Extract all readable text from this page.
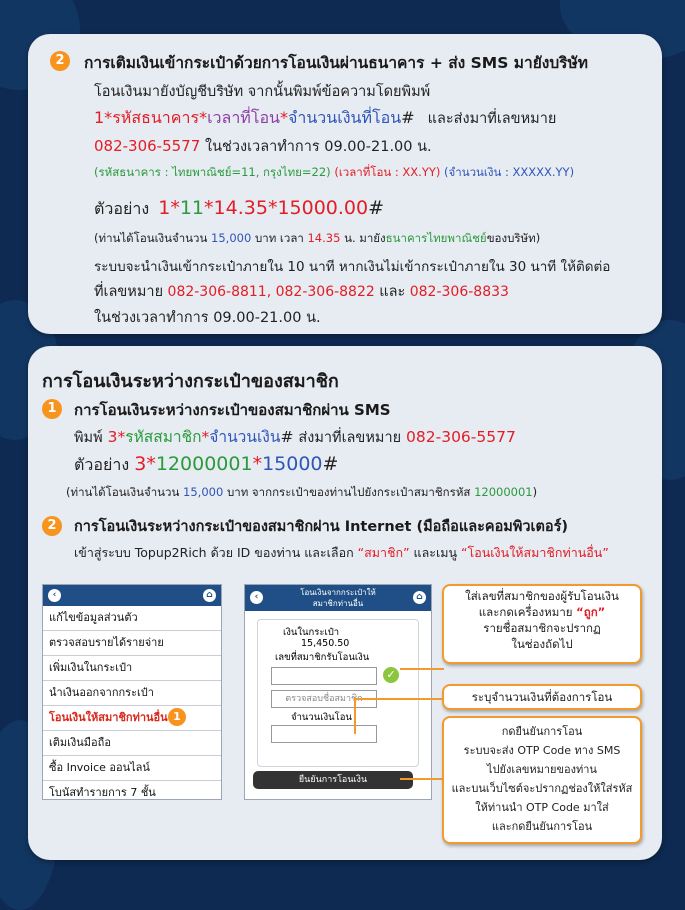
2	การเติมเงินเข้ากระเป๋าด้วยการโอนเงินผ่านธนาคาร + ส่ง SMS มายังบริษัท
โอนเงินมายังบัญชีบริษัท จากนั้นพิมพ์ข้อความโดยพิมพ์
1*รหัสธนาคาร*เวลาที่โอน*จำนวนเงินที่โอน# และส่งมาที่เลขหมาย
082-306-5577 ในช่วงเวลาทำการ 09.00-21.00 น.
(รหัสธนาคาร : ไทยพาณิชย์=11, กรุงไทย=22) (เวลาที่โอน : XX.YY) (จำนวนเงิน : XXXXX.YY)
ตัวอย่าง 1*11*14.35*15000.00#
(ท่านได้โอนเงินจำนวน 15,000 บาท เวลา 14.35 น. มายังธนาคารไทยพาณิชย์ของบริษัท)
ระบบจะนำเงินเข้ากระเป๋าภายใน 10 นาที หากเงินไม่เข้ากระเป๋าภายใน 30 นาที ให้ติดต่อ
ที่เลขหมาย 082-306-8811, 082-306-8822 และ 082-306-8833
ในช่วงเวลาทำการ 09.00-21.00 น.
การโอนเงินระหว่างกระเป๋าของสมาชิก
1	การโอนเงินระหว่างกระเป๋าของสมาชิกผ่าน SMS
พิมพ์ 3*รหัสสมาชิก*จำนวนเงิน# ส่งมาที่เลขหมาย 082-306-5577
ตัวอย่าง 3*12000001*15000#
(ท่านได้โอนเงินจำนวน 15,000 บาท จากกระเป๋าของท่านไปยังกระเป๋าสมาชิกรหัส 12000001)
2	การโอนเงินระหว่างกระเป๋าของสมาชิกผ่าน Internet (มือถือและคอมพิวเตอร์)
เข้าสู่ระบบ Topup2Rich ด้วย ID ของท่าน และเลือก “สมาชิก” และเมนู “โอนเงินให้สมาชิกท่านอื่น”
‹	⌂
แก้ไขข้อมูลส่วนตัว
ตรวจสอบรายได้รายจ่าย
เพิ่มเงินในกระเป๋า
นำเงินออกจากกระเป๋า
โอนเงินให้สมาชิกท่านอื่น 1
เติมเงินมือถือ
ซื้อ Invoice ออนไลน์
โบนัสทำรายการ 7 ชั้น
‹	โอนเงินจากกระเป๋าให้
สมาชิกท่านอื่น
⌂
เงินในกระเป๋า
15,450.50
เลขที่สมาชิกรับโอนเงิน
✓
ตรวจสอบชื่อสมาชิก
จำนวนเงินโอน
ยืนยันการโอนเงิน
ใส่เลขที่สมาชิกของผู้รับโอนเงิน
และกดเครื่องหมาย “ถูก”
รายชื่อสมาชิกจะปรากฏ
ในช่องถัดไป
ระบุจำนวนเงินที่ต้องการโอน
กดยืนยันการโอน
ระบบจะส่ง OTP Code ทาง SMS
ไปยังเลขหมายของท่าน
และบนเว็บไซต์จะปรากฏช่องให้ใส่รหัส
ให้ท่านนำ OTP Code มาใส่
และกดยืนยันการโอน
